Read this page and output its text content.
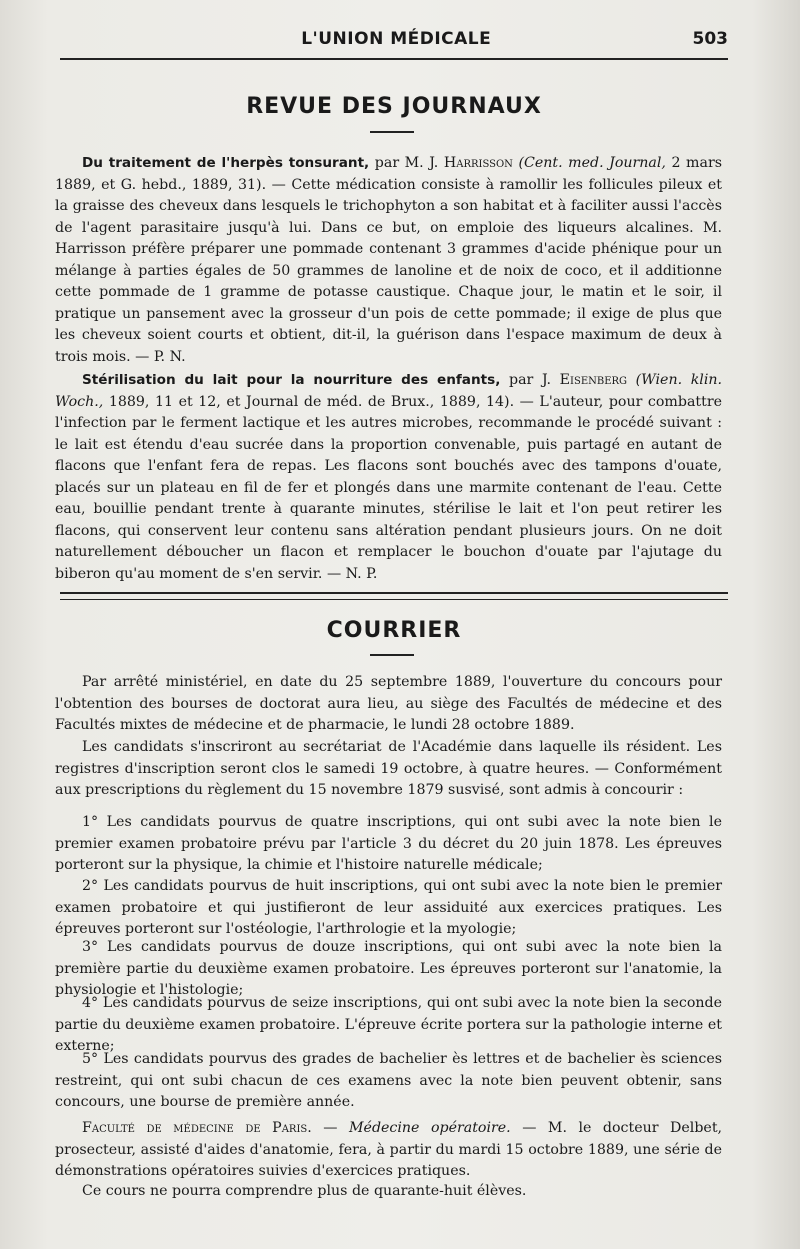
L'UNION MÉDICALE	503
REVUE DES JOURNAUX

Du traitement de l'herpès tonsurant, par M. J. Harrisson (Cent. med. Journal, 2 mars 1889, et G. hebd., 1889, 31). — Cette médication consiste à ramollir les follicules pileux et la graisse des cheveux dans lesquels le trichophyton a son habitat et à faciliter aussi l'accès de l'agent parasitaire jusqu'à lui. Dans ce but, on emploie des liqueurs alcalines. M. Harrisson préfère préparer une pommade contenant 3 grammes d'acide phénique pour un mélange à parties égales de 50 grammes de lanoline et de noix de coco, et il additionne cette pommade de 1 gramme de potasse caustique. Chaque jour, le matin et le soir, il pratique un pansement avec la grosseur d'un pois de cette pommade; il exige de plus que les cheveux soient courts et obtient, dit-il, la guérison dans l'espace maximum de deux à trois mois. — P. N.

Stérilisation du lait pour la nourriture des enfants, par J. Eisenberg (Wien. klin. Woch., 1889, 11 et 12, et Journal de méd. de Brux., 1889, 14). — L'auteur, pour combattre l'infection par le ferment lactique et les autres microbes, recommande le procédé suivant : le lait est étendu d'eau sucrée dans la proportion convenable, puis partagé en autant de flacons que l'enfant fera de repas. Les flacons sont bouchés avec des tampons d'ouate, placés sur un plateau en fil de fer et plongés dans une marmite contenant de l'eau. Cette eau, bouillie pendant trente à quarante minutes, stérilise le lait et l'on peut retirer les flacons, qui conservent leur contenu sans altération pendant plusieurs jours. On ne doit naturellement déboucher un flacon et remplacer le bouchon d'ouate par l'ajutage du biberon qu'au moment de s'en servir. — N. P.

COURRIER

Par arrêté ministériel, en date du 25 septembre 1889, l'ouverture du concours pour l'obtention des bourses de doctorat aura lieu, au siège des Facultés de médecine et des Facultés mixtes de médecine et de pharmacie, le lundi 28 octobre 1889.

Les candidats s'inscriront au secrétariat de l'Académie dans laquelle ils résident. Les registres d'inscription seront clos le samedi 19 octobre, à quatre heures. — Conformément aux prescriptions du règlement du 15 novembre 1879 susvisé, sont admis à concourir :

1° Les candidats pourvus de quatre inscriptions, qui ont subi avec la note bien le premier examen probatoire prévu par l'article 3 du décret du 20 juin 1878. Les épreuves porteront sur la physique, la chimie et l'histoire naturelle médicale;

2° Les candidats pourvus de huit inscriptions, qui ont subi avec la note bien le premier examen probatoire et qui justifieront de leur assiduité aux exercices pratiques. Les épreuves porteront sur l'ostéologie, l'arthrologie et la myologie;

3° Les candidats pourvus de douze inscriptions, qui ont subi avec la note bien la première partie du deuxième examen probatoire. Les épreuves porteront sur l'anatomie, la physiologie et l'histologie;

4° Les candidats pourvus de seize inscriptions, qui ont subi avec la note bien la seconde partie du deuxième examen probatoire. L'épreuve écrite portera sur la pathologie interne et externe;

5° Les candidats pourvus des grades de bachelier ès lettres et de bachelier ès sciences restreint, qui ont subi chacun de ces examens avec la note bien peuvent obtenir, sans concours, une bourse de première année.

Faculté de médecine de Paris. — Médecine opératoire. — M. le docteur Delbet, prosecteur, assisté d'aides d'anatomie, fera, à partir du mardi 15 octobre 1889, une série de démonstrations opératoires suivies d'exercices pratiques.

Ce cours ne pourra comprendre plus de quarante-huit élèves.
